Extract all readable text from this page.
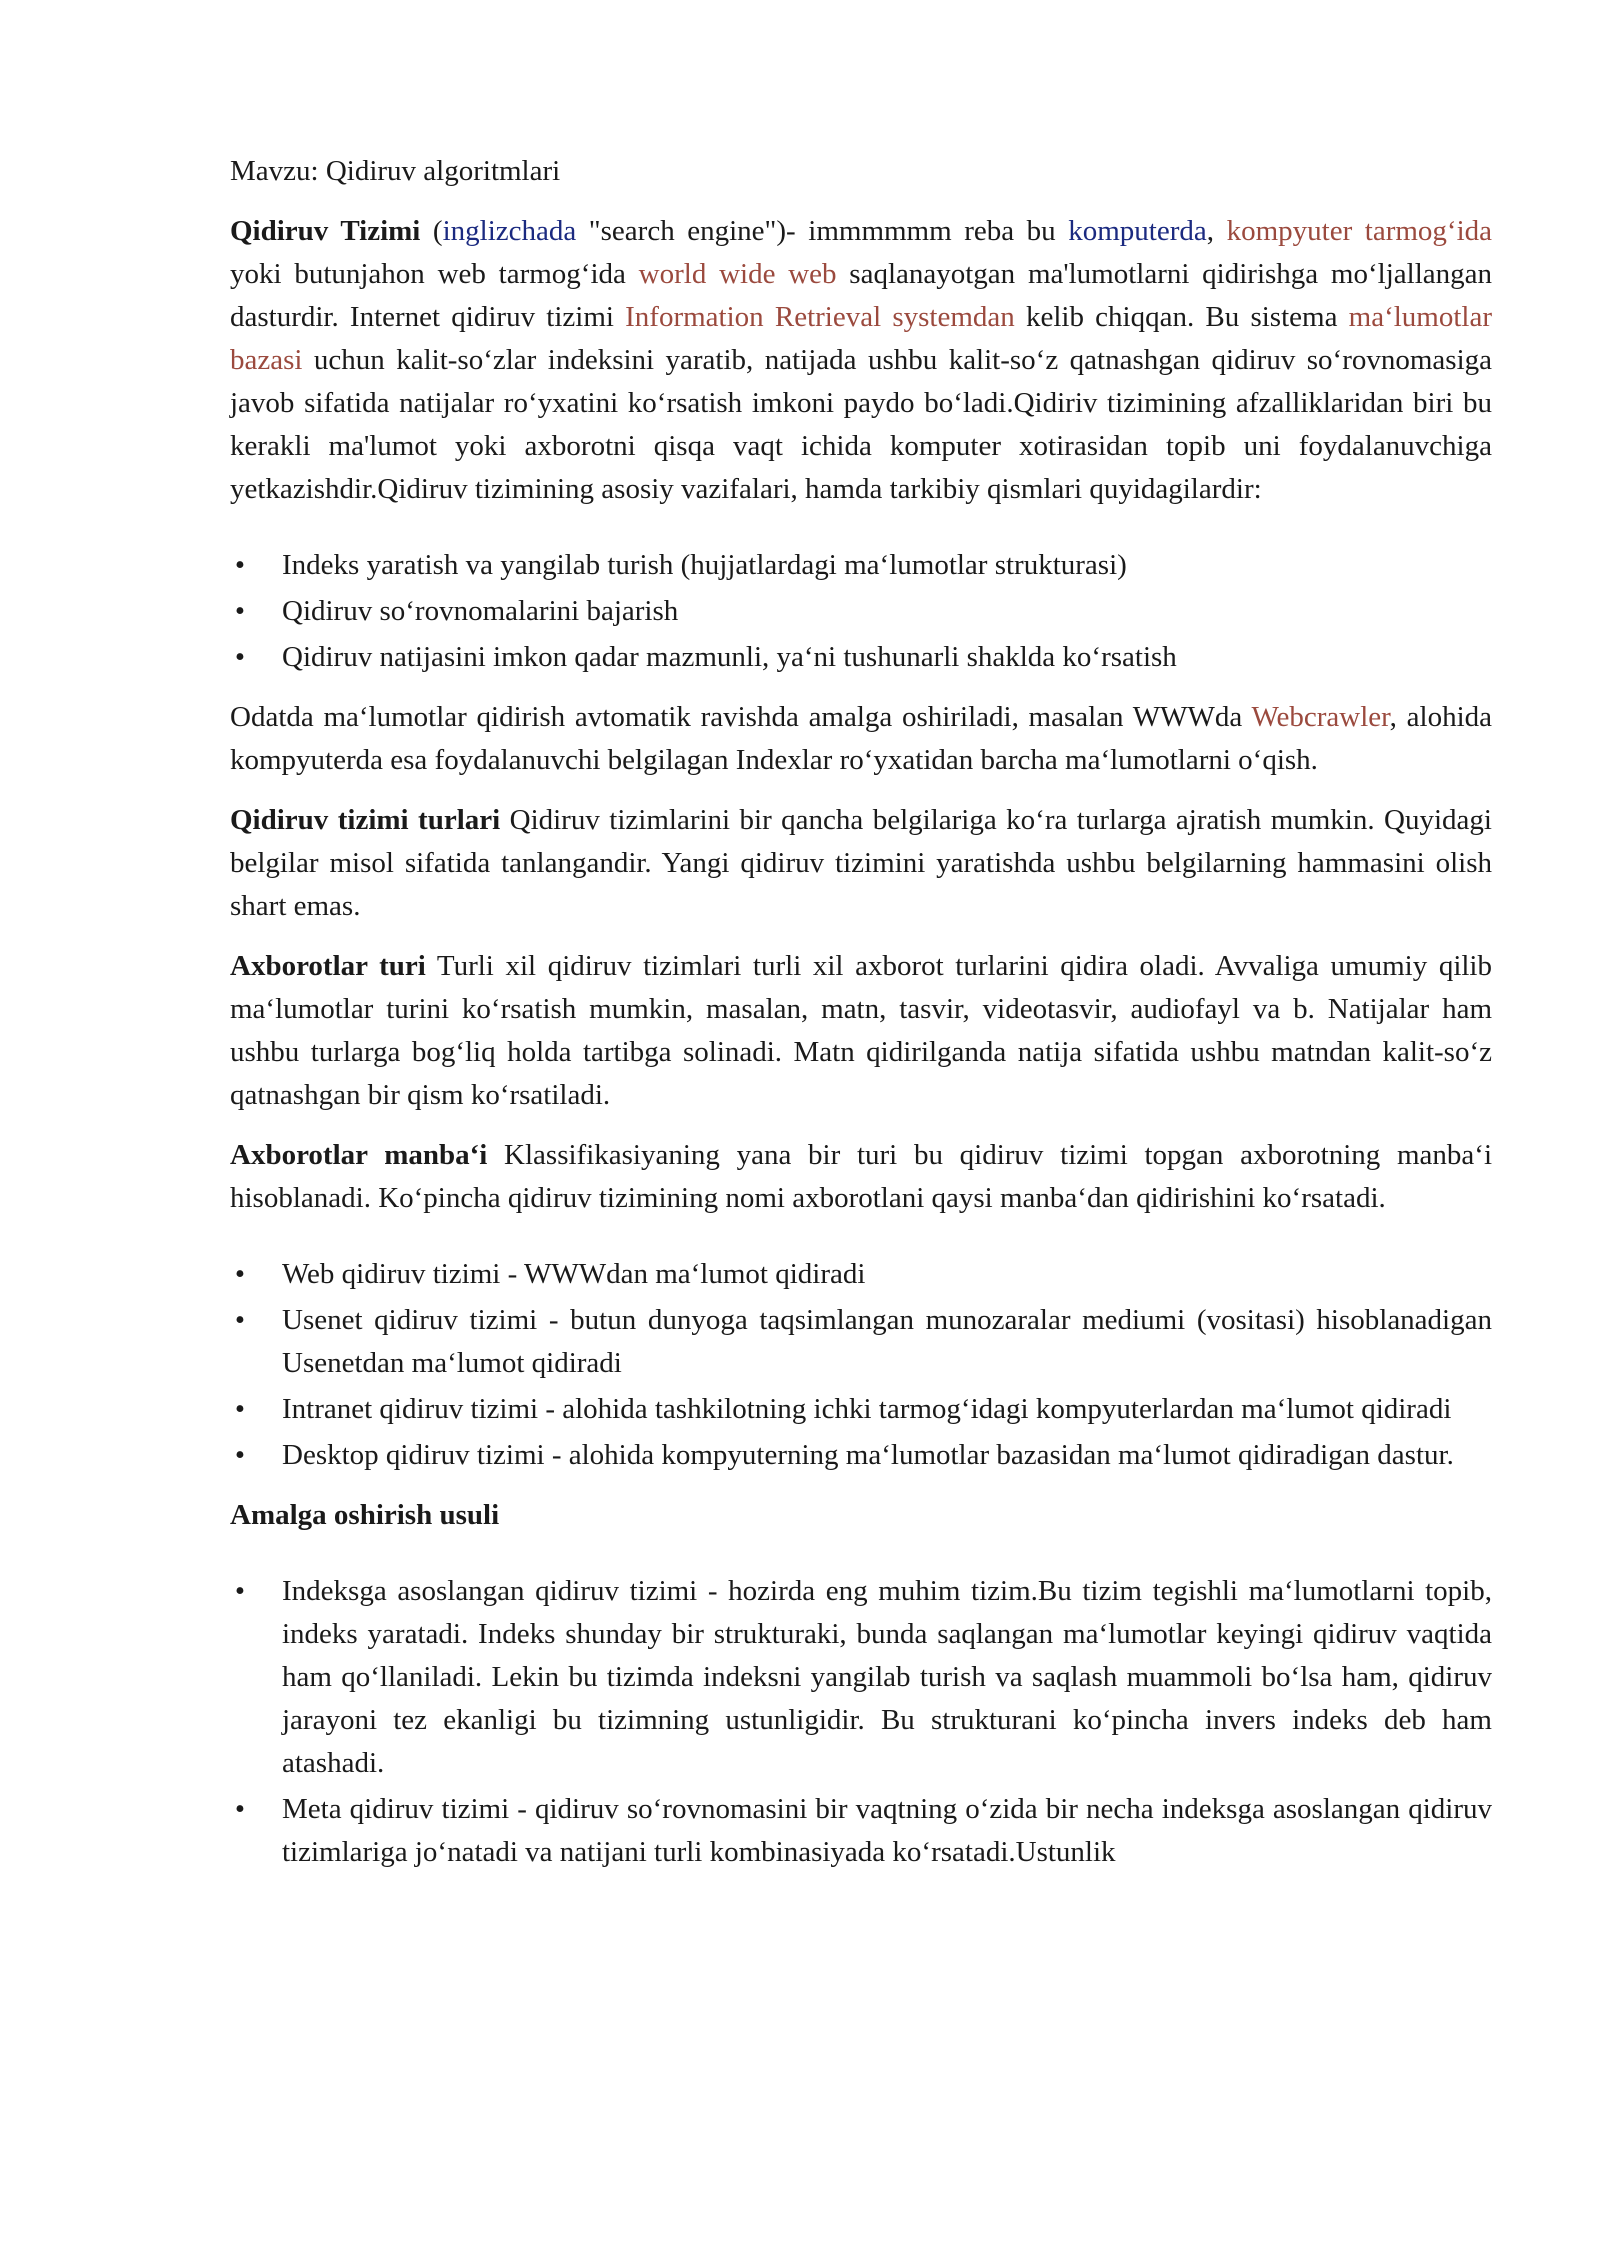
Mavzu: Qidiruv algoritmlari

Qidiruv Tizimi (inglizchada "search engine")- immmmmm reba bu komputerda, kompyuter tarmog‘ida yoki butunjahon web tarmog‘ida world wide web saqlanayotgan ma'lumotlarni qidirishga mo‘ljallangan dasturdir. Internet qidiruv tizimi Information Retrieval systemdan kelib chiqqan. Bu sistema ma‘lumotlar bazasi uchun kalit-so‘zlar indeksini yaratib, natijada ushbu kalit-so‘z qatnashgan qidiruv so‘rovnomasiga javob sifatida natijalar ro‘yxatini ko‘rsatish imkoni paydo bo‘ladi.Qidiriv tizimining afzalliklaridan biri bu kerakli ma'lumot yoki axborotni qisqa vaqt ichida komputer xotirasidan topib uni foydalanuvchiga yetkazishdir.Qidiruv tizimining asosiy vazifalari, hamda tarkibiy qismlari quyidagilardir:

• Indeks yaratish va yangilab turish (hujjatlardagi ma‘lumotlar strukturasi)
• Qidiruv so‘rovnomalarini bajarish
• Qidiruv natijasini imkon qadar mazmunli, ya‘ni tushunarli shaklda ko‘rsatish

Odatda ma‘lumotlar qidirish avtomatik ravishda amalga oshiriladi, masalan WWWda Webcrawler, alohida kompyuterda esa foydalanuvchi belgilagan Indexlar ro‘yxatidan barcha ma‘lumotlarni o‘qish.

Qidiruv tizimi turlari Qidiruv tizimlarini bir qancha belgilariga ko‘ra turlarga ajratish mumkin. Quyidagi belgilar misol sifatida tanlangandir. Yangi qidiruv tizimini yaratishda ushbu belgilarning hammasini olish shart emas.

Axborotlar turi Turli xil qidiruv tizimlari turli xil axborot turlarini qidira oladi. Avvaliga umumiy qilib ma‘lumotlar turini ko‘rsatish mumkin, masalan, matn, tasvir, videotasvir, audiofayl va b. Natijalar ham ushbu turlarga bog‘liq holda tartibga solinadi. Matn qidirilganda natija sifatida ushbu matndan kalit-so‘z qatnashgan bir qism ko‘rsatiladi.

Axborotlar manba‘i Klassifikasiyaning yana bir turi bu qidiruv tizimi topgan axborotning manba‘i hisoblanadi. Ko‘pincha qidiruv tizimining nomi axborotlani qaysi manba‘dan qidirishini ko‘rsatadi.

• Web qidiruv tizimi - WWWdan ma‘lumot qidiradi
• Usenet qidiruv tizimi - butun dunyoga taqsimlangan munozaralar mediumi (vositasi) hisoblanadigan Usenetdan ma‘lumot qidiradi
• Intranet qidiruv tizimi - alohida tashkilotning ichki tarmog‘idagi kompyuterlardan ma‘lumot qidiradi
• Desktop qidiruv tizimi - alohida kompyuterning ma‘lumotlar bazasidan ma‘lumot qidiradigan dastur.

Amalga oshirish usuli

• Indeksga asoslangan qidiruv tizimi - hozirda eng muhim tizim.Bu tizim tegishli ma‘lumotlarni topib, indeks yaratadi. Indeks shunday bir strukturaki, bunda saqlangan ma‘lumotlar keyingi qidiruv vaqtida ham qo‘llaniladi. Lekin bu tizimda indeksni yangilab turish va saqlash muammoli bo‘lsa ham, qidiruv jarayoni tez ekanligi bu tizimning ustunligidir. Bu strukturani ko‘pincha invers indeks deb ham atashadi.
• Meta qidiruv tizimi - qidiruv so‘rovnomasini bir vaqtning o‘zida bir necha indeksga asoslangan qidiruv tizimlariga jo‘natadi va natijani turli kombinasiyada ko‘rsatadi.Ustunlik
